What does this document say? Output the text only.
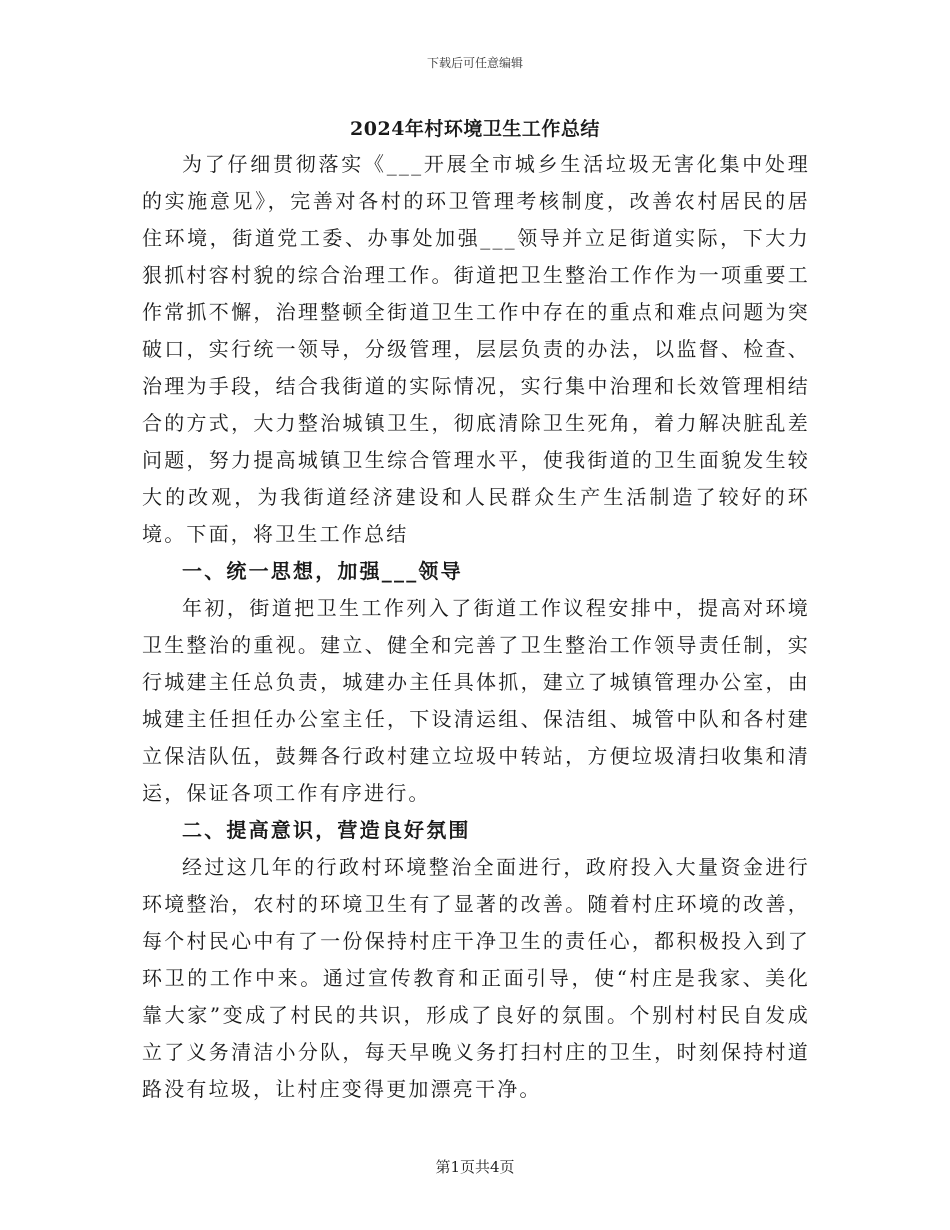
下载后可任意编辑
2024年村环境卫生工作总结

为了仔细贯彻落实《___开展全市城乡生活垃圾无害化集中处理的实施意见》，完善对各村的环卫管理考核制度，改善农村居民的居住环境，街道党工委、办事处加强___领导并立足街道实际，下大力狠抓村容村貌的综合治理工作。街道把卫生整治工作作为一项重要工作常抓不懈，治理整顿全街道卫生工作中存在的重点和难点问题为突破口，实行统一领导，分级管理，层层负责的办法，以监督、检查、治理为手段，结合我街道的实际情况，实行集中治理和长效管理相结合的方式，大力整治城镇卫生，彻底清除卫生死角，着力解决脏乱差问题，努力提高城镇卫生综合管理水平，使我街道的卫生面貌发生较大的改观，为我街道经济建设和人民群众生产生活制造了较好的环境。下面，将卫生工作总结

一、统一思想，加强___领导

年初，街道把卫生工作列入了街道工作议程安排中，提高对环境卫生整治的重视。建立、健全和完善了卫生整治工作领导责任制，实行城建主任总负责，城建办主任具体抓，建立了城镇管理办公室，由城建主任担任办公室主任，下设清运组、保洁组、城管中队和各村建立保洁队伍，鼓舞各行政村建立垃圾中转站，方便垃圾清扫收集和清运，保证各项工作有序进行。

二、提高意识，营造良好氛围

经过这几年的行政村环境整治全面进行，政府投入大量资金进行环境整治，农村的环境卫生有了显著的改善。随着村庄环境的改善，每个村民心中有了一份保持村庄干净卫生的责任心，都积极投入到了环卫的工作中来。通过宣传教育和正面引导，使“村庄是我家、美化靠大家”变成了村民的共识，形成了良好的氛围。个别村村民自发成立了义务清洁小分队，每天早晚义务打扫村庄的卫生，时刻保持村道路没有垃圾，让村庄变得更加漂亮干净。

第1页共4页
